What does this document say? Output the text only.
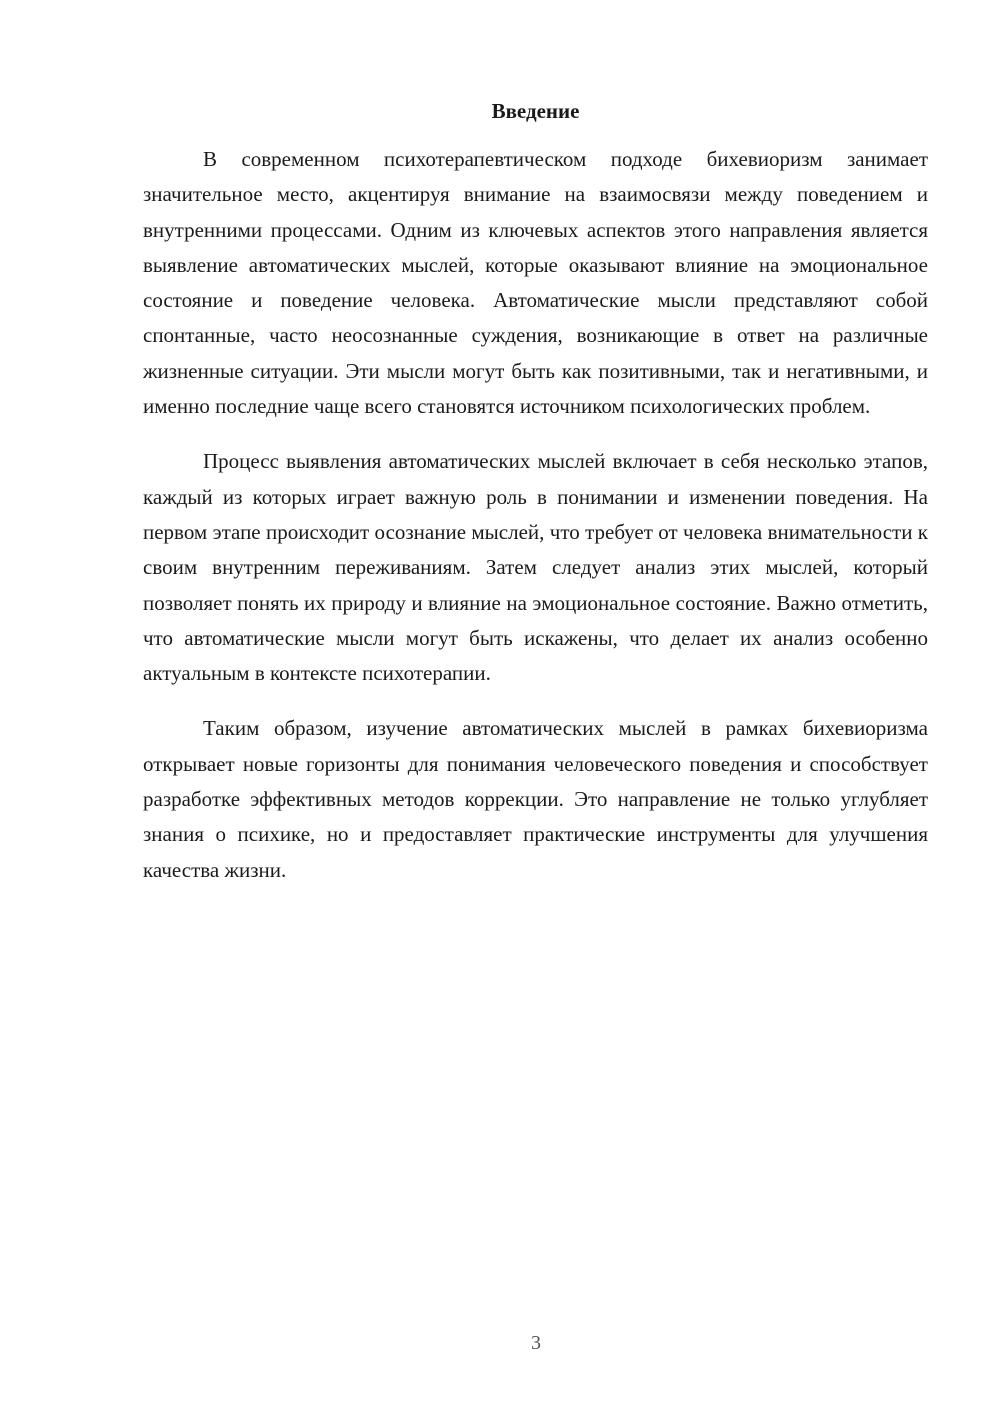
Введение

В современном психотерапевтическом подходе бихевиоризм занимает значительное место, акцентируя внимание на взаимосвязи между поведением и внутренними процессами. Одним из ключевых аспектов этого направления является выявление автоматических мыслей, которые оказывают влияние на эмоциональное состояние и поведение человека. Автоматические мысли представляют собой спонтанные, часто неосознанные суждения, возникающие в ответ на различные жизненные ситуации. Эти мысли могут быть как позитивными, так и негативными, и именно последние чаще всего становятся источником психологических проблем.

Процесс выявления автоматических мыслей включает в себя несколько этапов, каждый из которых играет важную роль в понимании и изменении поведения. На первом этапе происходит осознание мыслей, что требует от человека внимательности к своим внутренним переживаниям. Затем следует анализ этих мыслей, который позволяет понять их природу и влияние на эмоциональное состояние. Важно отметить, что автоматические мысли могут быть искажены, что делает их анализ особенно актуальным в контексте психотерапии.

Таким образом, изучение автоматических мыслей в рамках бихевиоризма открывает новые горизонты для понимания человеческого поведения и способствует разработке эффективных методов коррекции. Это направление не только углубляет знания о психике, но и предоставляет практические инструменты для улучшения качества жизни.

3
